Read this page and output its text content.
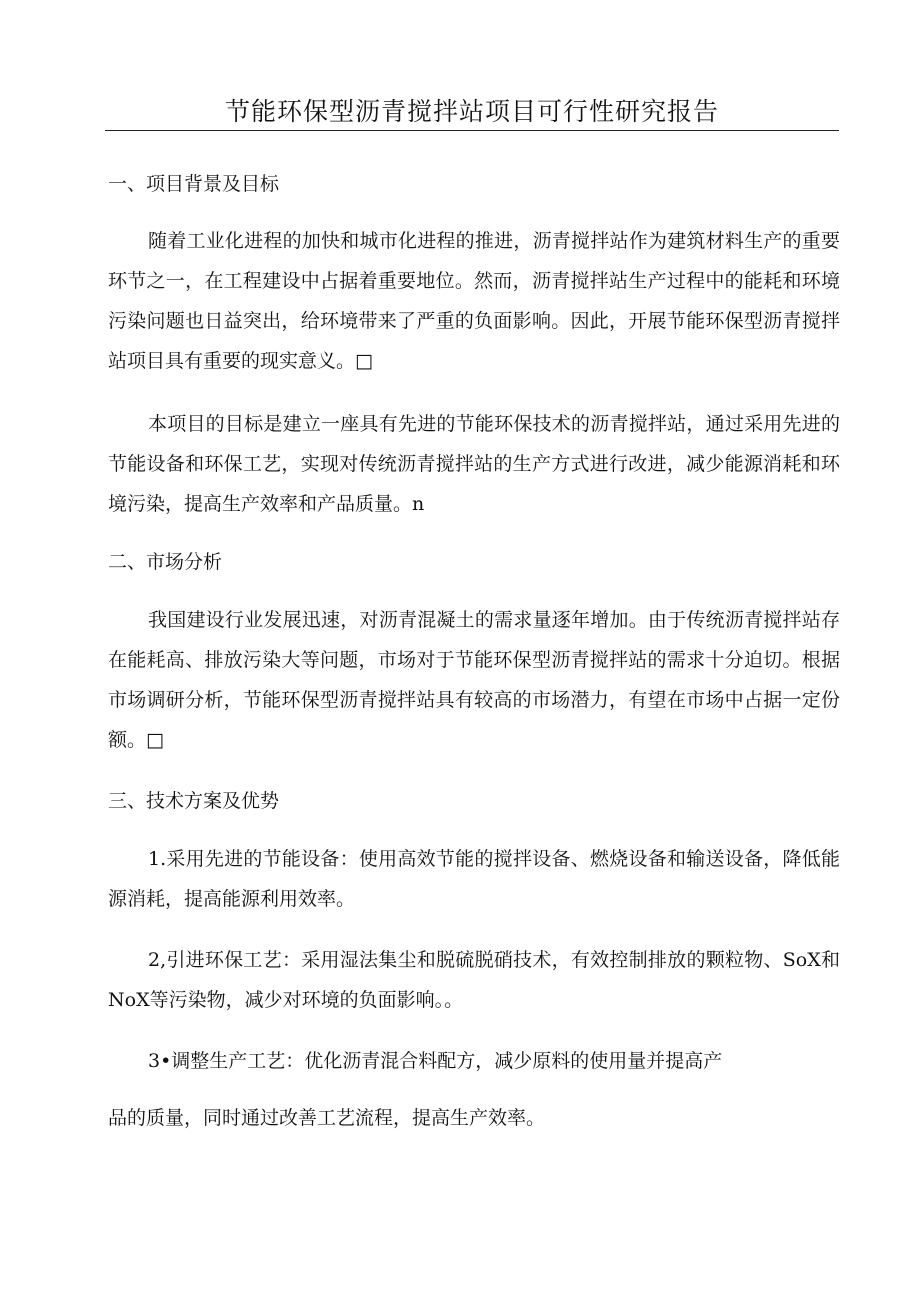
节能环保型沥青搅拌站项目可行性研究报告

一、项目背景及目标

随着工业化进程的加快和城市化进程的推进，沥青搅拌站作为建筑材料生产的重要环节之一，在工程建设中占据着重要地位。然而，沥青搅拌站生产过程中的能耗和环境污染问题也日益突出，给环境带来了严重的负面影响。因此，开展节能环保型沥青搅拌站项目具有重要的现实意义。□

本项目的目标是建立一座具有先进的节能环保技术的沥青搅拌站，通过采用先进的节能设备和环保工艺，实现对传统沥青搅拌站的生产方式进行改进，减少能源消耗和环境污染，提高生产效率和产品质量。n

二、市场分析

我国建设行业发展迅速，对沥青混凝土的需求量逐年增加。由于传统沥青搅拌站存在能耗高、排放污染大等问题，市场对于节能环保型沥青搅拌站的需求十分迫切。根据市场调研分析，节能环保型沥青搅拌站具有较高的市场潜力，有望在市场中占据一定份额。□

三、技术方案及优势

1.采用先进的节能设备：使用高效节能的搅拌设备、燃烧设备和输送设备，降低能源消耗，提高能源利用效率。

2,引进环保工艺：采用湿法集尘和脱硫脱硝技术，有效控制排放的颗粒物、SoX和NoX等污染物，减少对环境的负面影响。。

3•调整生产工艺：优化沥青混合料配方，减少原料的使用量并提高产

品的质量，同时通过改善工艺流程，提高生产效率。
